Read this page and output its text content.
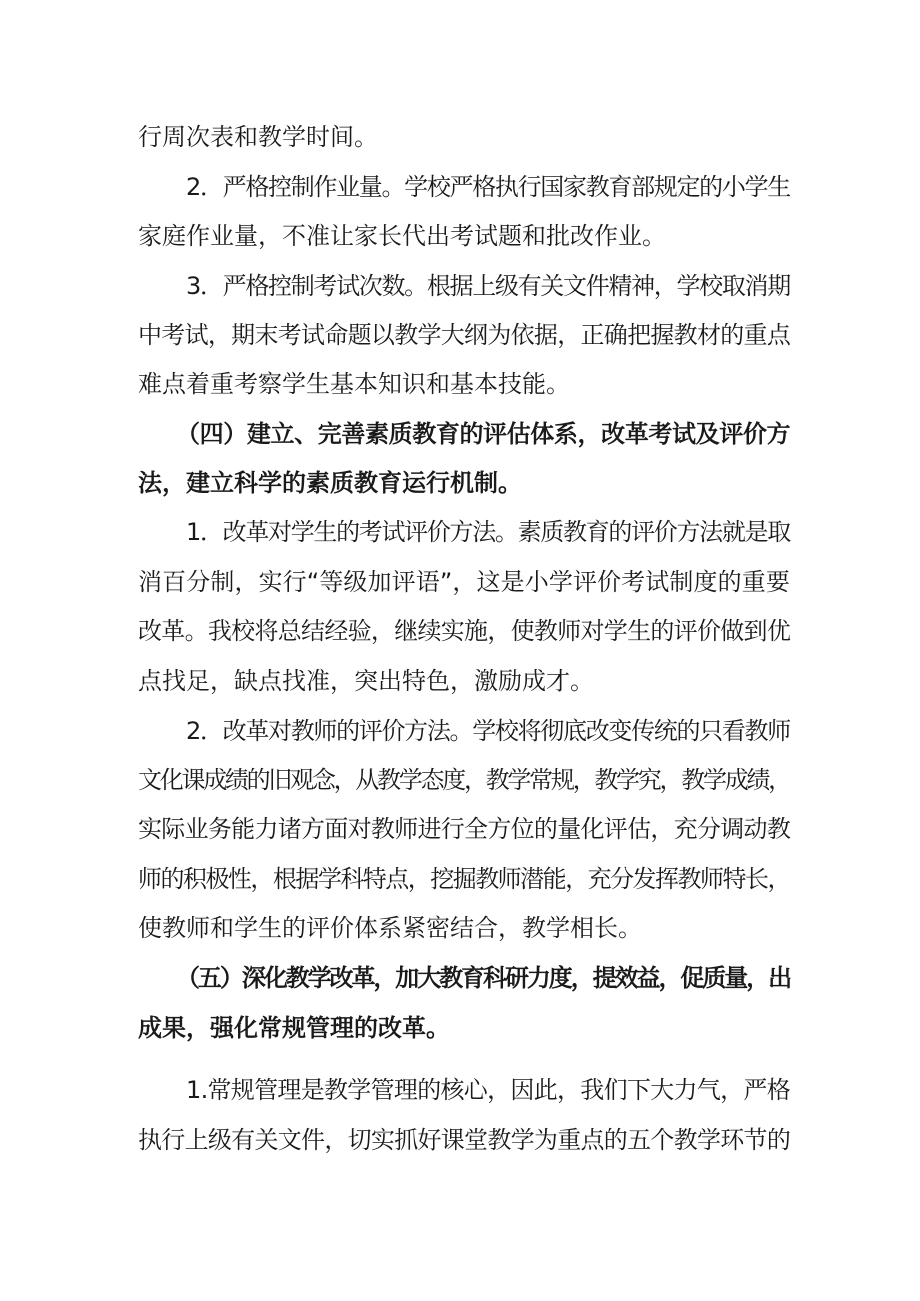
行周次表和教学时间。
2．严格控制作业量。学校严格执行国家教育部规定的小学生
家庭作业量，不准让家长代出考试题和批改作业。
3．严格控制考试次数。根据上级有关文件精神，学校取消期
中考试，期末考试命题以教学大纲为依据，正确把握教材的重点
难点着重考察学生基本知识和基本技能。
（四）建立、完善素质教育的评估体系，改革考试及评价方
法，建立科学的素质教育运行机制。
1．改革对学生的考试评价方法。素质教育的评价方法就是取
消百分制，实行“等级加评语”，这是小学评价考试制度的重要
改革。我校将总结经验，继续实施，使教师对学生的评价做到优
点找足，缺点找准，突出特色，激励成才。
2．改革对教师的评价方法。学校将彻底改变传统的只看教师
文化课成绩的旧观念，从教学态度，教学常规，教学究，教学成绩，
实际业务能力诸方面对教师进行全方位的量化评估，充分调动教
师的积极性，根据学科特点，挖掘教师潜能，充分发挥教师特长，
使教师和学生的评价体系紧密结合，教学相长。
（五）深化教学改革，加大教育科研力度，提效益，促质量，出
成果，强化常规管理的改革。
1.常规管理是教学管理的核心，因此，我们下大力气，严格
执行上级有关文件，切实抓好课堂教学为重点的五个教学环节的
